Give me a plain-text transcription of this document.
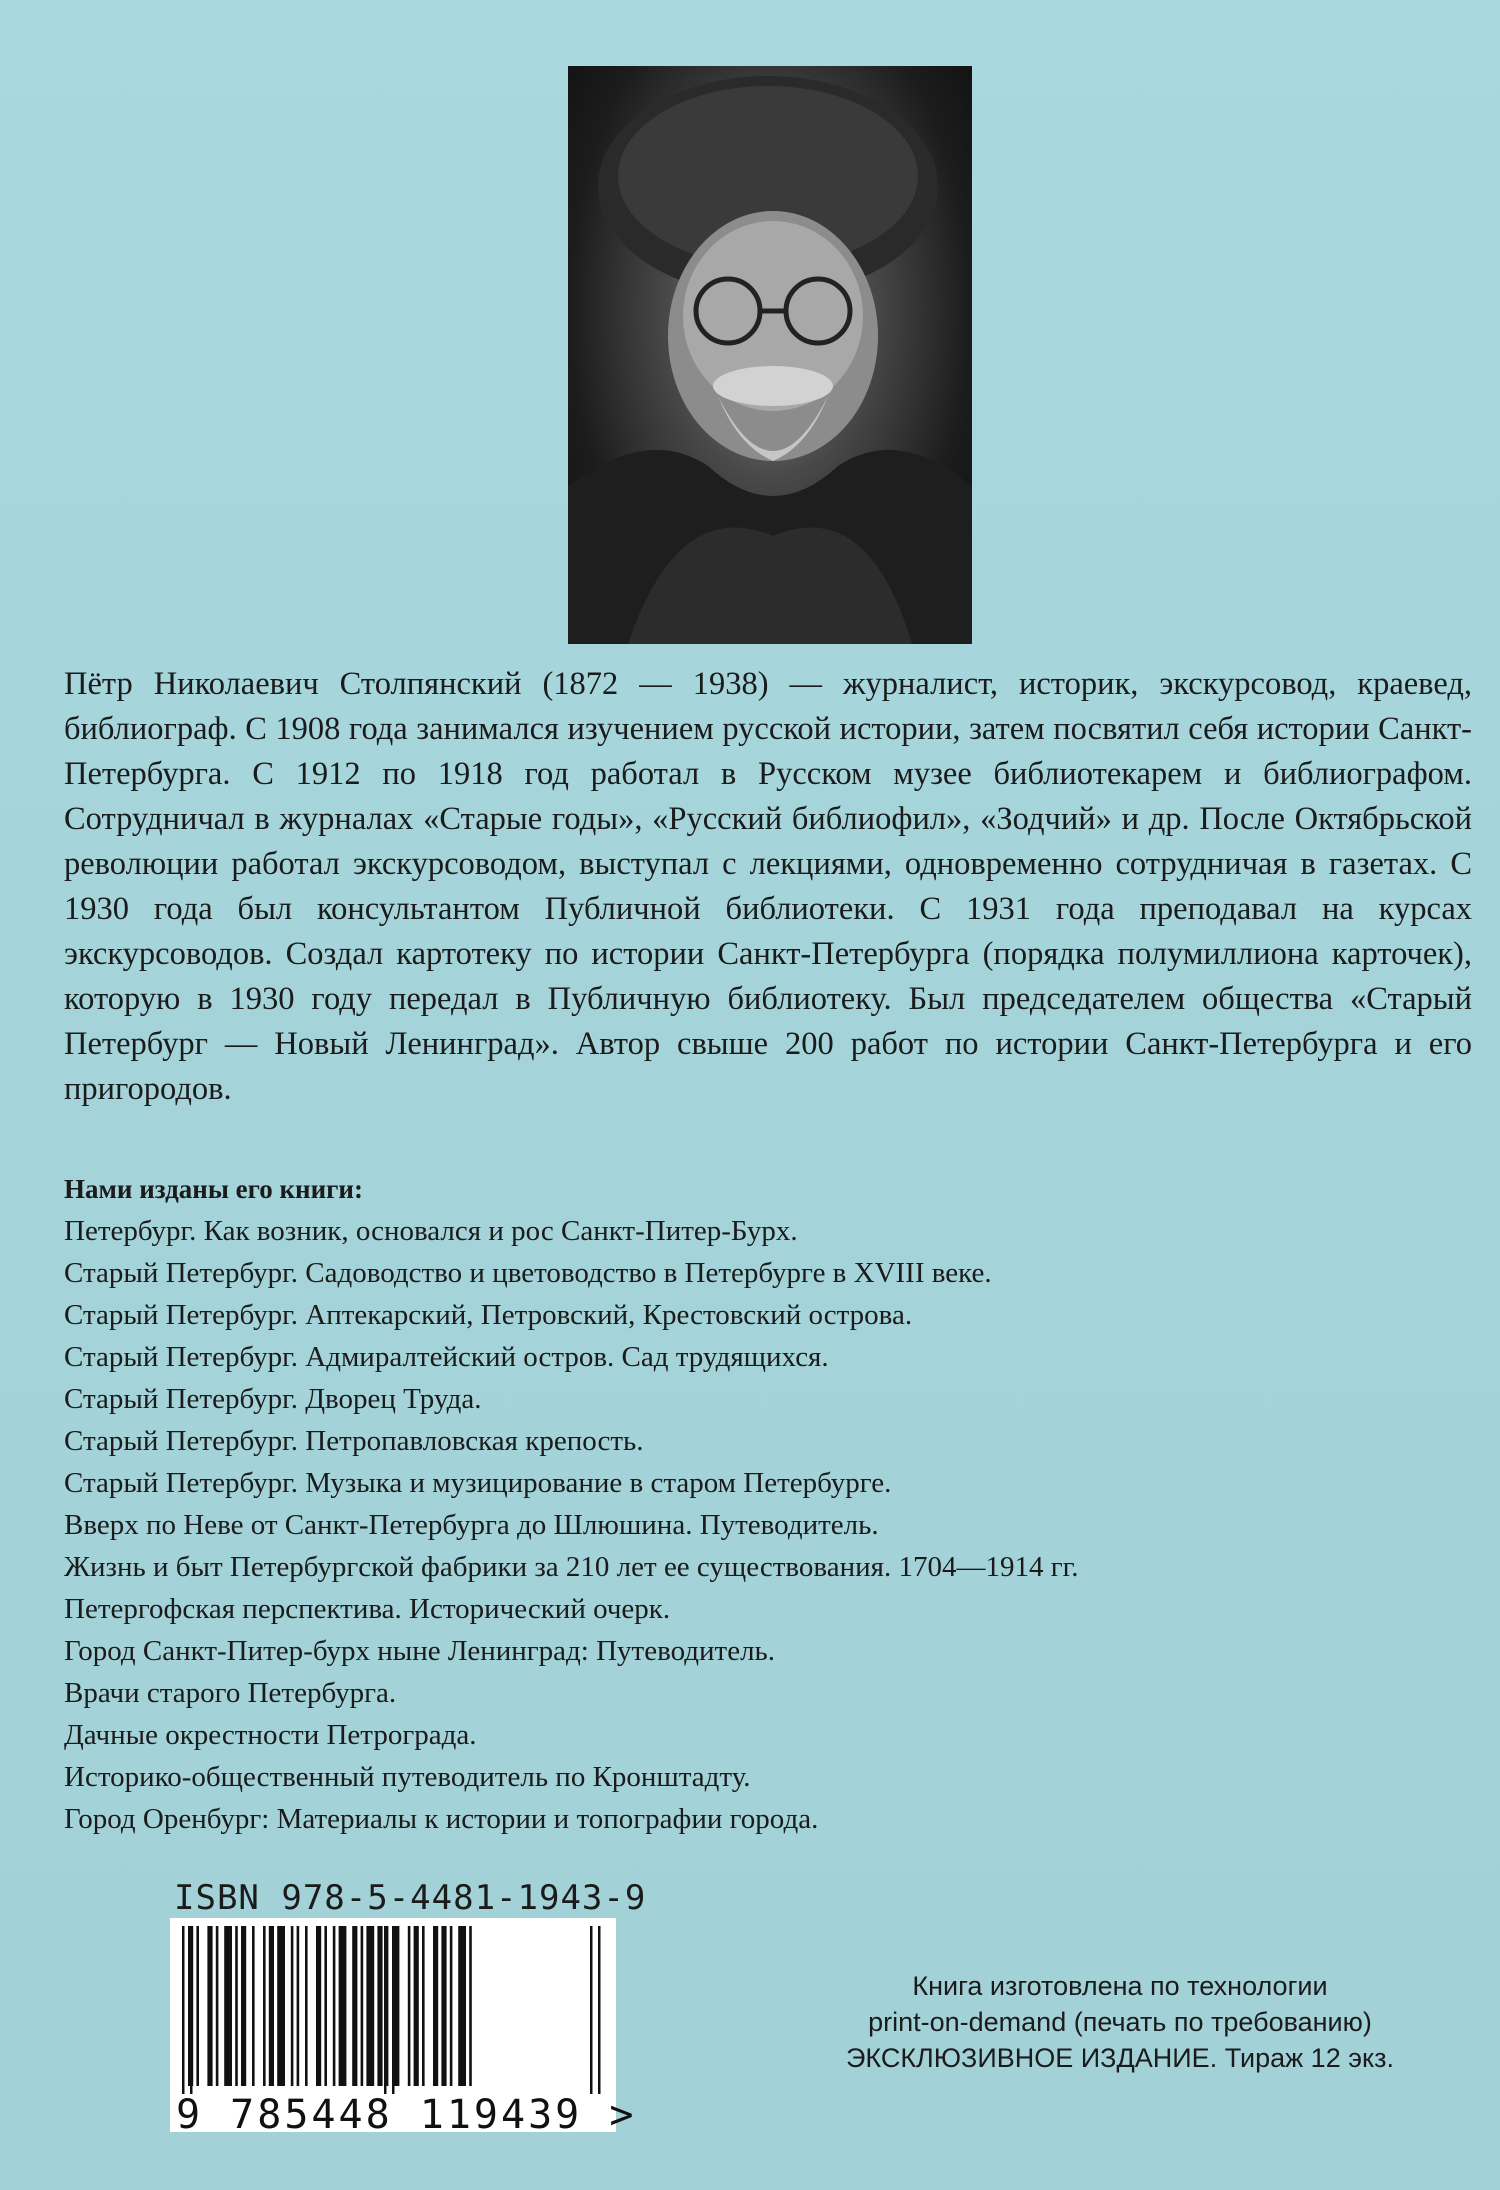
Пётр Николаевич Столпянский (1872 — 1938) — журналист, историк, экскурсовод, краевед, библиограф. С 1908 года занимался изучением русской истории, затем посвятил себя истории Санкт-Петербурга. С 1912 по 1918 год работал в Русском музее библиотекарем и библиографом. Сотрудничал в журналах «Старые годы», «Русский библиофил», «Зодчий» и др. После Октябрьской революции работал экскурсоводом, выступал с лекциями, одновременно сотрудничая в газетах. С 1930 года был консультантом Публичной библиотеки. С 1931 года преподавал на курсах экскурсоводов. Создал картотеку по истории Санкт-Петербурга (порядка полумиллиона карточек), которую в 1930 году передал в Публичную библиотеку. Был председателем общества «Старый Петербург — Новый Ленинград». Автор свыше 200 работ по истории Санкт-Петербурга и его пригородов.

Нами изданы его книги:

Петербург. Как возник, основался и рос Санкт-Питер-Бурх.
Старый Петербург. Садоводство и цветоводство в Петербурге в XVIII веке.
Старый Петербург. Аптекарский, Петровский, Крестовский острова.
Старый Петербург. Адмиралтейский остров. Сад трудящихся.
Старый Петербург. Дворец Труда.
Старый Петербург. Петропавловская крепость.
Старый Петербург. Музыка и музицирование в старом Петербурге.
Вверх по Неве от Санкт-Петербурга до Шлюшина. Путеводитель.
Жизнь и быт Петербургской фабрики за 210 лет ее существования. 1704—1914 гг.
Петергофская перспектива. Исторический очерк.
Город Санкт-Питер-бурх ныне Ленинград: Путеводитель.
Врачи старого Петербурга.
Дачные окрестности Петрограда.
Историко-общественный путеводитель по Кронштадту.
Город Оренбург: Материалы к истории и топографии города.
ISBN 978-5-4481-1943-9
9 785448 119439 >
Книга изготовлена по технологии
print-on-demand (печать по требованию)
ЭКСКЛЮЗИВНОЕ ИЗДАНИЕ. Тираж 12 экз.
